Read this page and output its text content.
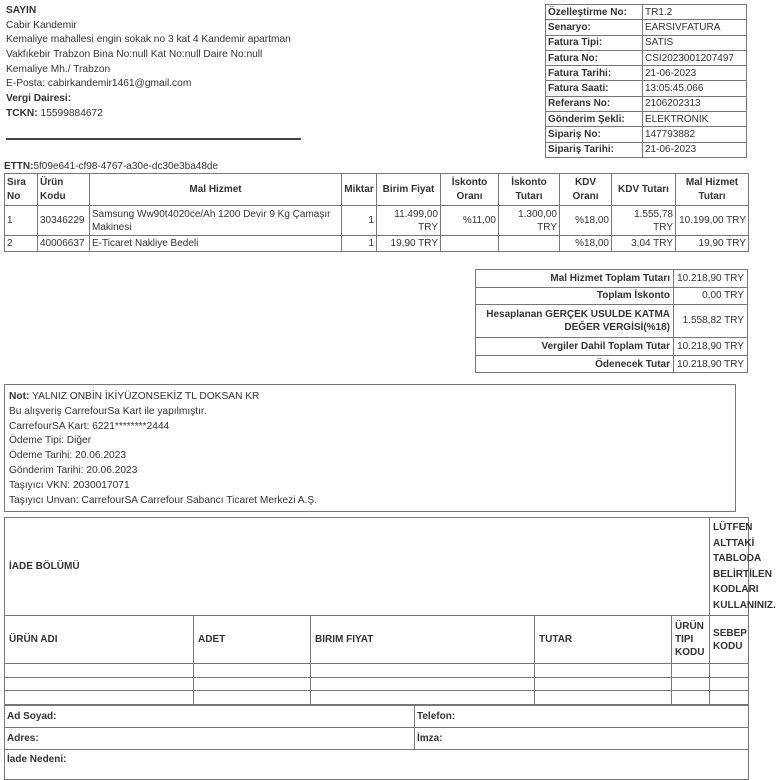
SAYIN
Cabir Kandemir
Kemaliye mahallesi engin sokak no 3 kat 4 Kandemir apartman
Vakfıkebir Trabzon Bina No:null Kat No:null Daire No:null
Kemaliye Mh./ Trabzon
E-Posta: cabirkandemir1461@gmail.com
Vergi Dairesi:
TCKN: 15599884672
Özelleştirme No:	TR1.2
Senaryo:	EARSIVFATURA
Fatura Tipi:	SATIS
Fatura No:	CSI2023001207497
Fatura Tarihi:	21-06-2023
Fatura Saati:	13:05:45.066
Referans No:	2106202313
Gönderim Şekli:	ELEKTRONIK
Sipariş No:	147793882
Sipariş Tarihi:	21-06-2023
ETTN:5f09e641-cf98-4767-a30e-dc30e3ba48de
Sıra No	Ürün Kodu	Mal Hizmet	Miktar	Birim Fiyat	İskonto Oranı	İskonto Tutarı	KDV Oranı	KDV Tutarı	Mal Hizmet Tutarı
1	30346229	Samsung Ww90t4020ce/Ah 1200 Devir 9 Kg Çamaşır Makinesi	1	11.499,00 TRY	%11,00	1.300,00 TRY	%18,00	1.555,78 TRY	10.199,00 TRY
2	40006637	E-Ticaret Nakliye Bedeli	1	19,90 TRY			%18,00	3,04 TRY	19,90 TRY
Mal Hizmet Toplam Tutarı	10.218,90 TRY
Toplam İskonto	0,00 TRY
Hesaplanan GERÇEK USULDE KATMA DEĞER VERGİSİ(%18)	1.558,82 TRY
Vergiler Dahil Toplam Tutar	10.218,90 TRY
Ödenecek Tutar	10.218,90 TRY
Not: YALNIZ ONBİN İKİYÜZONSEKİZ TL DOKSAN KR
Bu alışveriş CarrefourSa Kart ile yapılmıştır.
CarrefourSA Kart: 6221********2444
Ödeme Tipi: Diğer
Ödeme Tarihi: 20.06.2023
Gönderim Tarihi: 20.06.2023
Taşıyıcı VKN: 2030017071
Taşıyıcı Unvan: CarrefourSA Carrefour Sabancı Ticaret Merkezi A.Ş.
İADE BÖLÜMÜ					LÜTFEN ALTTAKİ TABLODA BELİRTİLEN KODLARI KULLANINIZ.
ÜRÜN ADI	ADET	BIRIM FIYAT	TUTAR	ÜRÜN TIPI KODU	SEBEP KODU

Ad Soyad:	Telefon:
Adres:	İmza:
İade Nedeni:	
